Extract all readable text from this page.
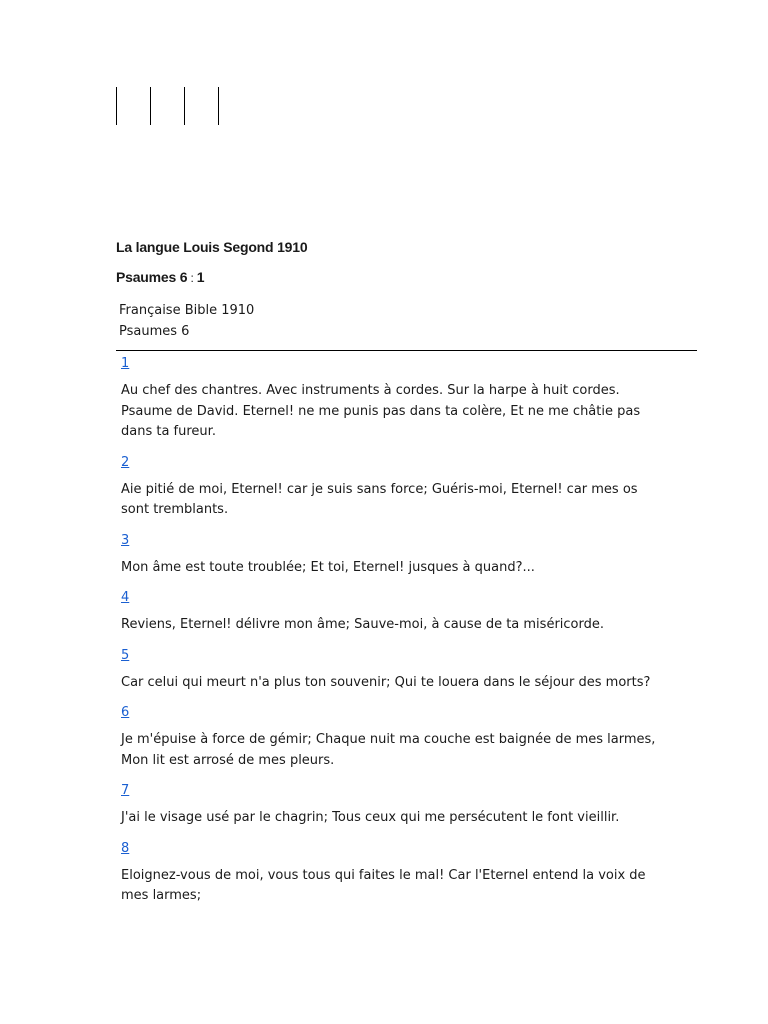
La langue Louis Segond 1910
Psaumes 6 : 1
Française Bible 1910
Psaumes 6
1

Au chef des chantres. Avec instruments à cordes. Sur la harpe à huit cordes. Psaume de David. Eternel! ne me punis pas dans ta colère, Et ne me châtie pas dans ta fureur.

2

Aie pitié de moi, Eternel! car je suis sans force; Guéris-moi, Eternel! car mes os sont tremblants.

3

Mon âme est toute troublée; Et toi, Eternel! jusques à quand?...

4

Reviens, Eternel! délivre mon âme; Sauve-moi, à cause de ta miséricorde.

5

Car celui qui meurt n'a plus ton souvenir; Qui te louera dans le séjour des morts?

6

Je m'épuise à force de gémir; Chaque nuit ma couche est baignée de mes larmes, Mon lit est arrosé de mes pleurs.

7

J'ai le visage usé par le chagrin; Tous ceux qui me persécutent le font vieillir.

8

Eloignez-vous de moi, vous tous qui faites le mal! Car l'Eternel entend la voix de mes larmes;
